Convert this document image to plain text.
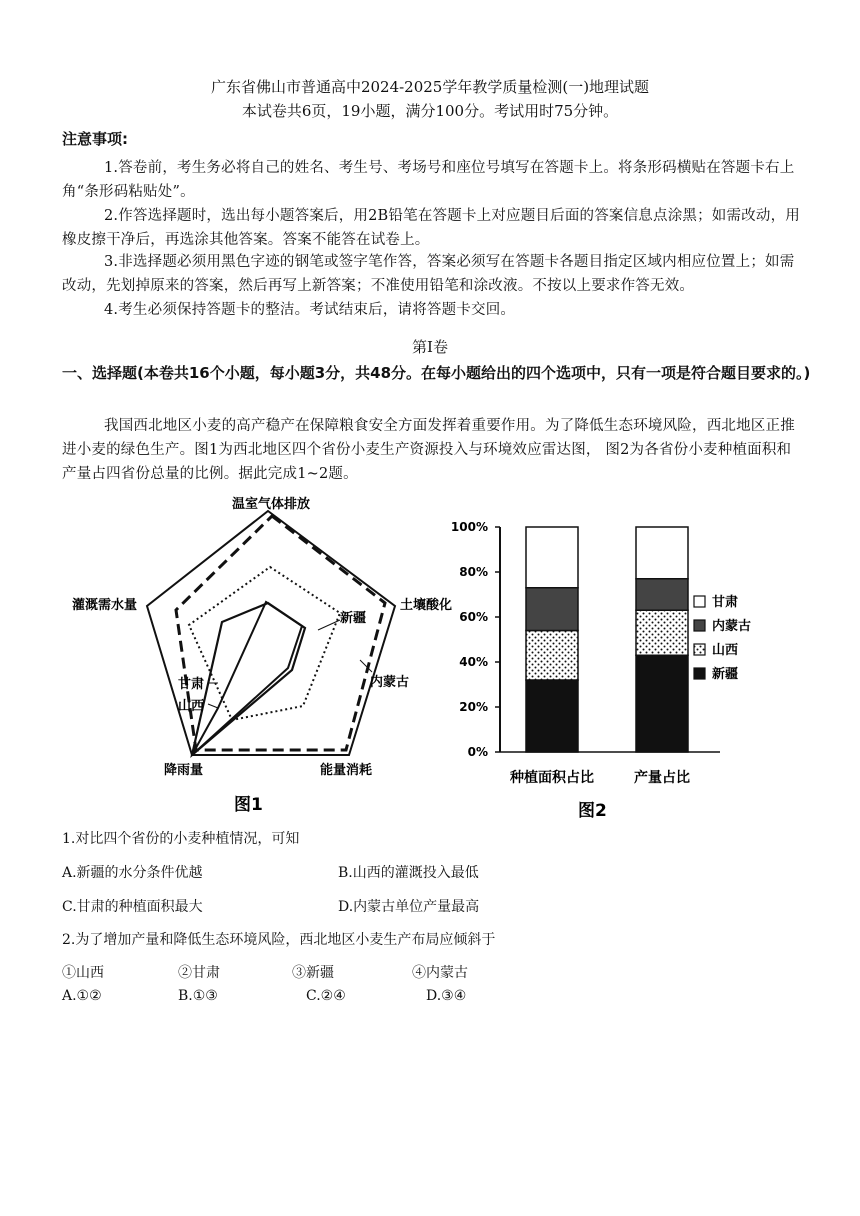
广东省佛山市普通高中2024-2025学年教学质量检测(一)地理试题
本试卷共6页，19小题，满分100分。考试用时75分钟。
注意事项:
1.答卷前，考生务必将自己的姓名、考生号、考场号和座位号填写在答题卡上。将条形码横贴在答题卡右上角“条形码粘贴处”。
2.作答选择题时，选出每小题答案后，用2B铅笔在答题卡上对应题目后面的答案信息点涂黑；如需改动，用橡皮擦干净后，再选涂其他答案。答案不能答在试卷上。
3.非选择题必须用黑色字迹的钢笔或签字笔作答，答案必须写在答题卡各题目指定区域内相应位置上；如需改动，先划掉原来的答案，然后再写上新答案；不准使用铅笔和涂改液。不按以上要求作答无效。
4.考生必须保持答题卡的整洁。考试结束后，请将答题卡交回。
第Ⅰ卷
一、选择题(本卷共16个小题，每小题3分，共48分。在每小题给出的四个选项中，只有一项是符合题目要求的。)
我国西北地区小麦的高产稳产在保障粮食安全方面发挥着重要作用。为了降低生态环境风险，西北地区正推进小麦的绿色生产。图1为西北地区四个省份小麦生产资源投入与环境效应雷达图， 图2为各省份小麦种植面积和产量占四省份总量的比例。据此完成1~2题。
温室气体排放
土壤酸化
能量消耗
降雨量
灌溉需水量
新疆
内蒙古
甘肃
山西
图1
0%
20%
40%
60%
80%
100%
种植面积占比	产量占比
甘肃
内蒙古
山西
新疆
图2
1.对比四个省份的小麦种植情况，可知
A.新疆的水分条件优越	B.山西的灌溉投入最低
C.甘肃的种植面积最大	D.内蒙古单位产量最高
2.为了增加产量和降低生态环境风险，西北地区小麦生产布局应倾斜于
①山西	②甘肃	③新疆	④内蒙古
A.①②	B.①③	C.②④	D.③④
